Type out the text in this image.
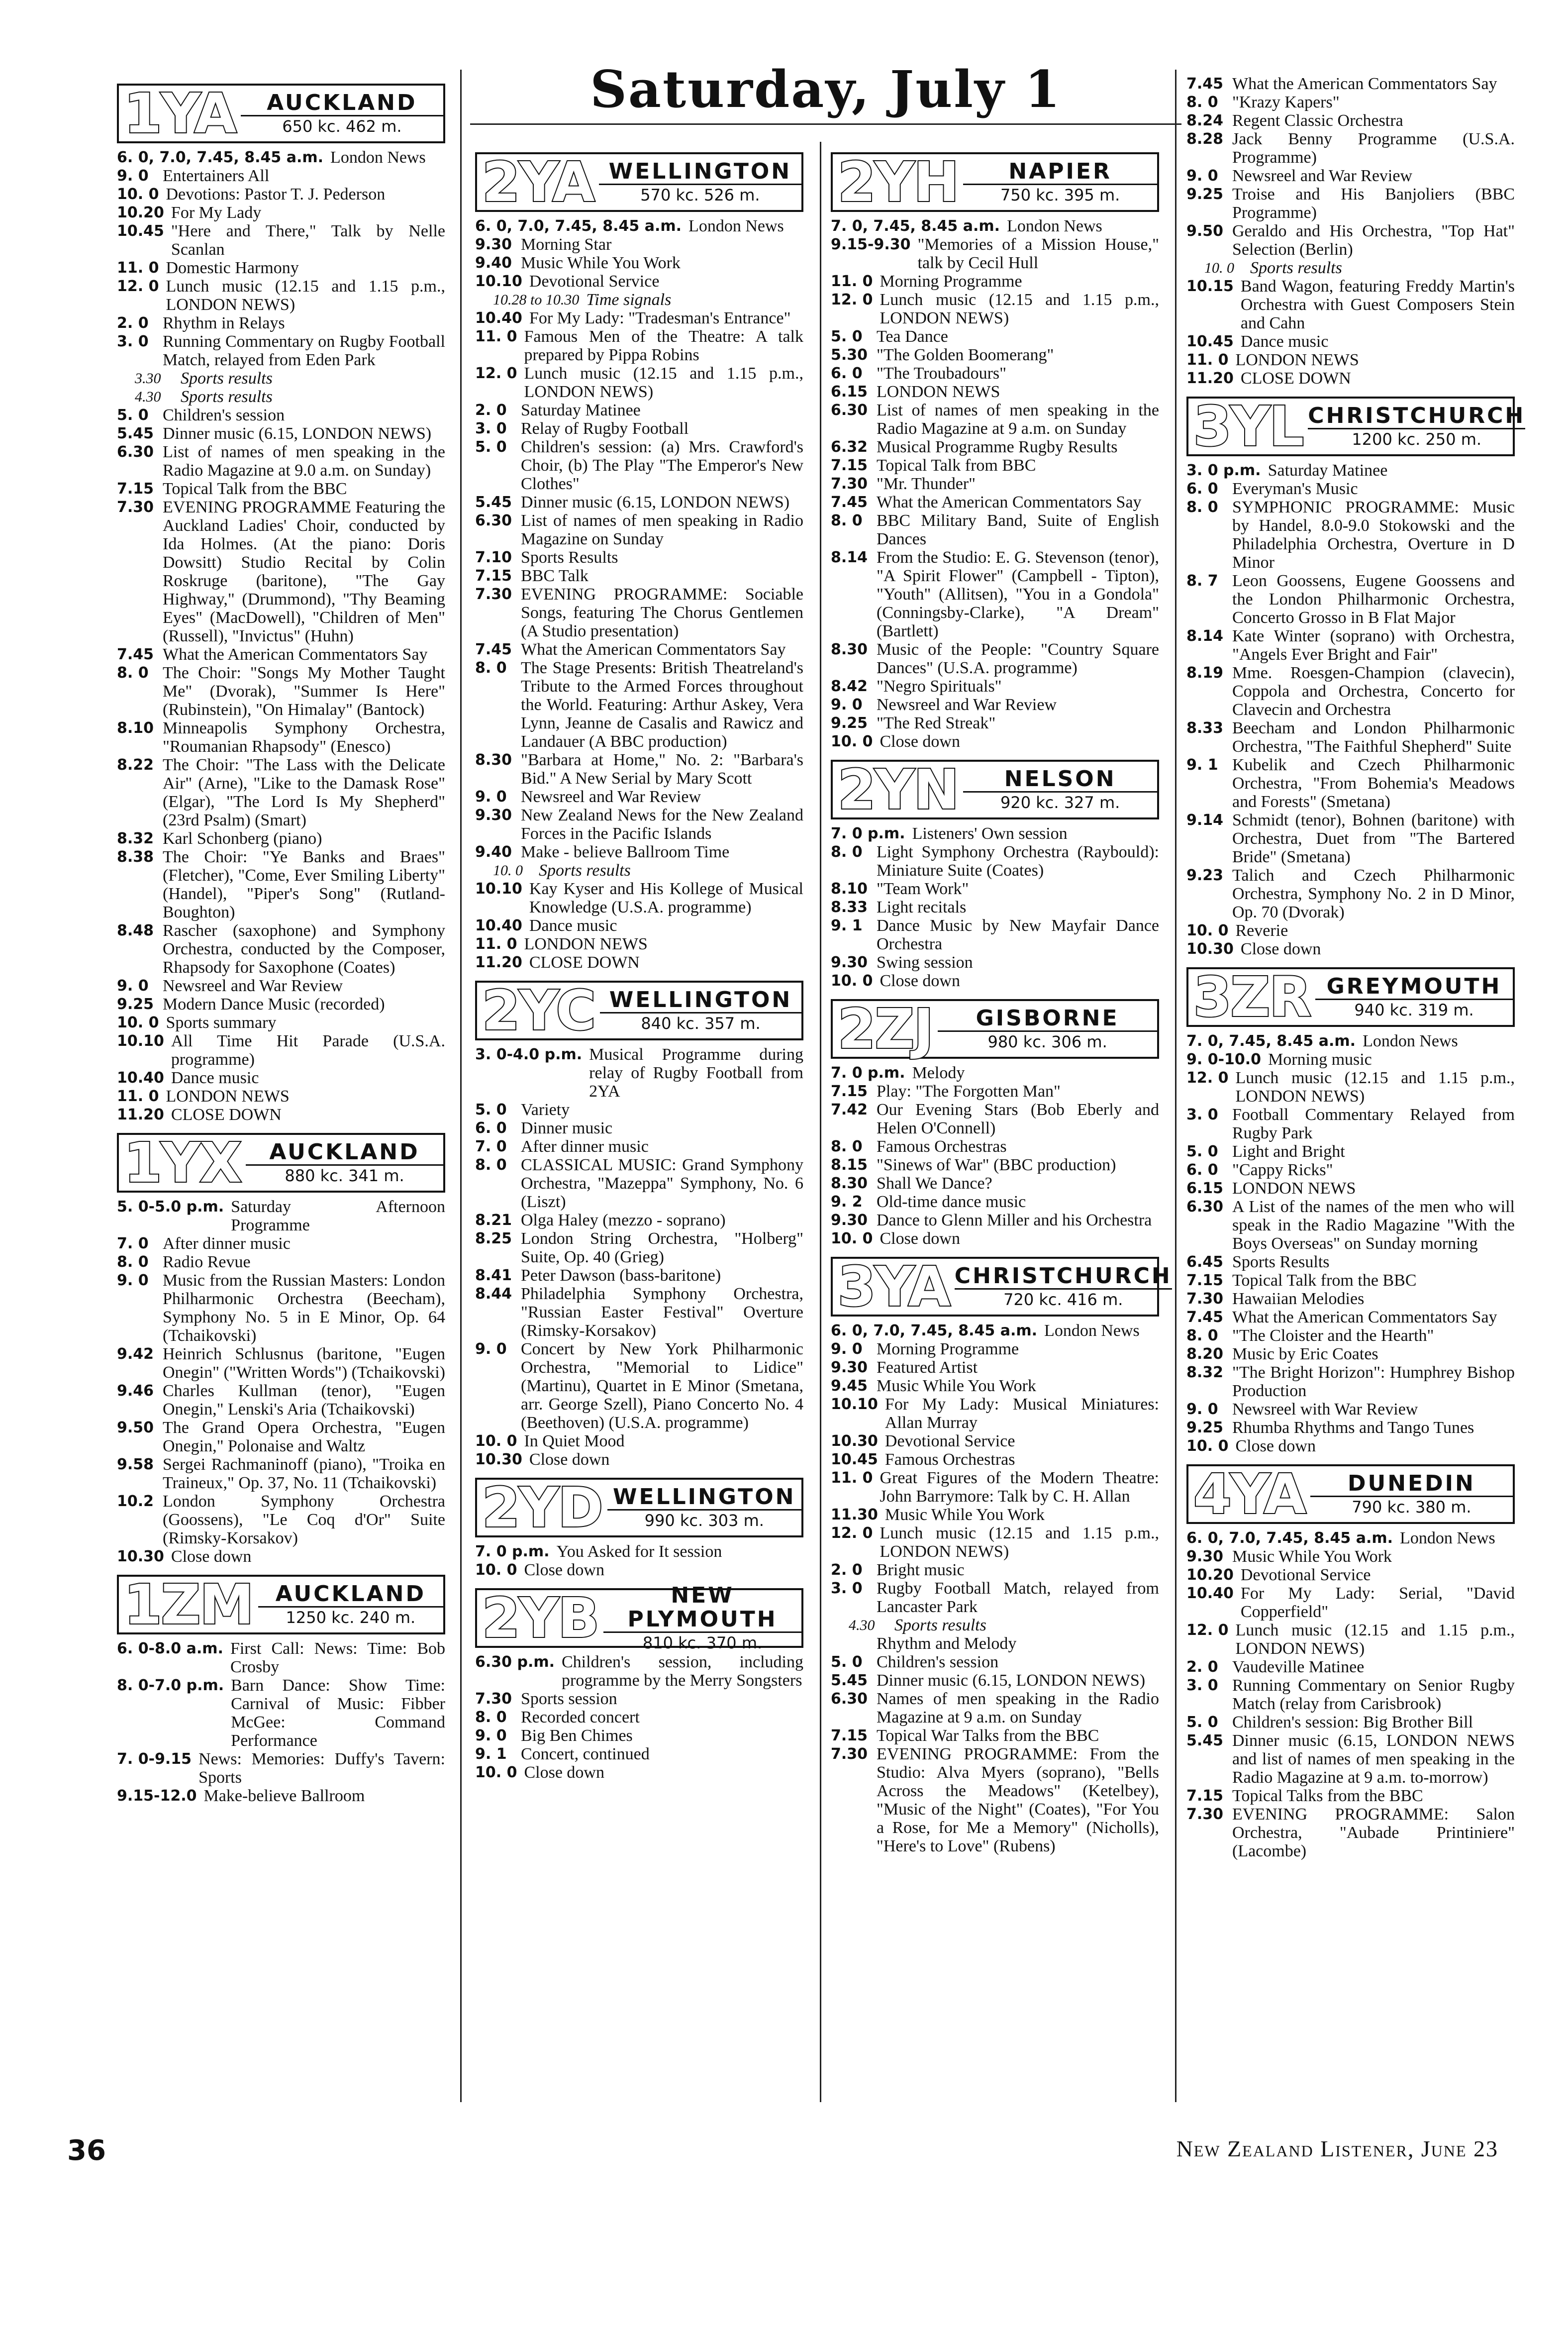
Saturday, July 1
1YA	AUCKLAND
650 kc. 462 m.
6. 0, 7.0, 7.45, 8.45 a.m. London News
9. 0 Entertainers All
10. 0 Devotions: Pastor T. J. Pederson
10.20 For My Lady
10.45 "Here and There," Talk by Nelle Scanlan
11. 0 Domestic Harmony
12. 0 Lunch music (12.15 and 1.15 p.m., LONDON NEWS)
2. 0 Rhythm in Relays
3. 0 Running Commentary on Rugby Football Match, relayed from Eden Park
3.30	Sports results
4.30	Sports results
5. 0 Children's session
5.45 Dinner music (6.15, LONDON NEWS)
6.30 List of names of men speaking in the Radio Magazine at 9.0 a.m. on Sunday)
7.15 Topical Talk from the BBC
7.30 EVENING PROGRAMME Featuring the Auckland Ladies' Choir, conducted by Ida Holmes. (At the piano: Doris Dowsitt) Studio Recital by Colin Roskruge (baritone), "The Gay Highway," (Drummond), "Thy Beaming Eyes" (MacDowell), "Children of Men" (Russell), "Invictus" (Huhn)
7.45 What the American Commentators Say
8. 0 The Choir: "Songs My Mother Taught Me" (Dvorak), "Summer Is Here" (Rubinstein), "On Himalay" (Bantock)
8.10 Minneapolis Symphony Orchestra, "Roumanian Rhapsody" (Enesco)
8.22 The Choir: "The Lass with the Delicate Air" (Arne), "Like to the Damask Rose" (Elgar), "The Lord Is My Shepherd" (23rd Psalm) (Smart)
8.32 Karl Schonberg (piano)
8.38 The Choir: "Ye Banks and Braes" (Fletcher), "Come, Ever Smiling Liberty" (Handel), "Piper's Song" (Rutland-Boughton)
8.48 Rascher (saxophone) and Symphony Orchestra, conducted by the Composer, Rhapsody for Saxophone (Coates)
9. 0 Newsreel and War Review
9.25 Modern Dance Music (recorded)
10. 0 Sports summary
10.10 All Time Hit Parade (U.S.A. programme)
10.40 Dance music
11. 0 LONDON NEWS
11.20 CLOSE DOWN
1YX	AUCKLAND
880 kc. 341 m.
5. 0-5.0 p.m. Saturday Afternoon Programme
7. 0 After dinner music
8. 0 Radio Revue
9. 0 Music from the Russian Masters: London Philharmonic Orchestra (Beecham), Symphony No. 5 in E Minor, Op. 64 (Tchaikovski)
9.42 Heinrich Schlusnus (baritone, "Eugen Onegin" ("Written Words") (Tchaikovski)
9.46 Charles Kullman (tenor), "Eugen Onegin," Lenski's Aria (Tchaikovski)
9.50 The Grand Opera Orchestra, "Eugen Onegin," Polonaise and Waltz
9.58 Sergei Rachmaninoff (piano), "Troika en Traineux," Op. 37, No. 11 (Tchaikovski)
10.2 London Symphony Orchestra (Goossens), "Le Coq d'Or" Suite (Rimsky-Korsakov)
10.30 Close down
1ZM	AUCKLAND
1250 kc. 240 m.
6. 0-8.0 a.m. First Call: News: Time: Bob Crosby
8. 0-7.0 p.m. Barn Dance: Show Time: Carnival of Music: Fibber McGee: Command Performance
7. 0-9.15 News: Memories: Duffy's Tavern: Sports
9.15-12.0 Make-believe Ballroom
2YA WELLINGTON
570 kc. 526 m.
6. 0, 7.0, 7.45, 8.45 a.m. London News
9.30 Morning Star
9.40 Music While You Work
10.10 Devotional Service
10.28 to 10.30 Time signals
10.40 For My Lady: "Tradesman's Entrance"
11. 0 Famous Men of the Theatre: A talk prepared by Pippa Robins
12. 0 Lunch music (12.15 and 1.15 p.m., LONDON NEWS)
2. 0 Saturday Matinee
3. 0 Relay of Rugby Football
5. 0 Children's session: (a) Mrs. Crawford's Choir, (b) The Play "The Emperor's New Clothes"
5.45 Dinner music (6.15, LONDON NEWS)
6.30 List of names of men speaking in Radio Magazine on Sunday
7.10 Sports Results
7.15 BBC Talk
7.30 EVENING PROGRAMME: Sociable Songs, featuring The Chorus Gentlemen (A Studio presentation)
7.45 What the American Commentators Say
8. 0 The Stage Presents: British Theatreland's Tribute to the Armed Forces throughout the World. Featuring: Arthur Askey, Vera Lynn, Jeanne de Casalis and Rawicz and Landauer (A BBC production)
8.30 "Barbara at Home," No. 2: "Barbara's Bid." A New Serial by Mary Scott
9. 0 Newsreel and War Review
9.30 New Zealand News for the New Zealand Forces in the Pacific Islands
9.40 Make - believe Ballroom Time
10. 0 Sports results
10.10 Kay Kyser and His Kollege of Musical Knowledge (U.S.A. programme)
10.40 Dance music
11. 0 LONDON NEWS
11.20 CLOSE DOWN
2YC WELLINGTON
840 kc. 357 m.
3. 0-4.0 p.m. Musical Programme during relay of Rugby Football from 2YA
5. 0 Variety
6. 0 Dinner music
7. 0 After dinner music
8. 0 CLASSICAL MUSIC: Grand Symphony Orchestra, "Mazeppa" Symphony, No. 6 (Liszt)
8.21 Olga Haley (mezzo - soprano)
8.25 London String Orchestra, "Holberg" Suite, Op. 40 (Grieg)
8.41 Peter Dawson (bass-baritone)
8.44 Philadelphia Symphony Orchestra, "Russian Easter Festival" Overture (Rimsky-Korsakov)
9. 0 Concert by New York Philharmonic Orchestra, "Memorial to Lidice" (Martinu), Quartet in E Minor (Smetana, arr. George Szell), Piano Concerto No. 4 (Beethoven) (U.S.A. programme)
10. 0 In Quiet Mood
10.30 Close down
2YD WELLINGTON
990 kc. 303 m.
7. 0 p.m. You Asked for It session
10. 0 Close down
2YB	NEW PLYMOUTH
810 kc. 370 m.
6.30 p.m. Children's session, including programme by the Merry Songsters
7.30 Sports session
8. 0 Recorded concert
9. 0 Big Ben Chimes
9. 1 Concert, continued
10. 0 Close down
2YH	NAPIER
750 kc. 395 m.
7. 0, 7.45, 8.45 a.m. London News
9.15-9.30 "Memories of a Mission House," talk by Cecil Hull
11. 0 Morning Programme
12. 0 Lunch music (12.15 and 1.15 p.m., LONDON NEWS)
5. 0 Tea Dance
5.30 "The Golden Boomerang"
6. 0 "The Troubadours"
6.15 LONDON NEWS
6.30 List of names of men speaking in the Radio Magazine at 9 a.m. on Sunday
6.32 Musical Programme Rugby Results
7.15 Topical Talk from BBC
7.30 "Mr. Thunder"
7.45 What the American Commentators Say
8. 0 BBC Military Band, Suite of English Dances
8.14 From the Studio: E. G. Stevenson (tenor), "A Spirit Flower" (Campbell - Tipton), "Youth" (Allitsen), "You in a Gondola" (Conningsby-Clarke), "A Dream" (Bartlett)
8.30 Music of the People: "Country Square Dances" (U.S.A. programme)
8.42 "Negro Spirituals"
9. 0 Newsreel and War Review
9.25 "The Red Streak"
10. 0 Close down
2YN	NELSON
920 kc. 327 m.
7. 0 p.m. Listeners' Own session
8. 0 Light Symphony Orchestra (Raybould): Miniature Suite (Coates)
8.10 "Team Work"
8.33 Light recitals
9. 1 Dance Music by New Mayfair Dance Orchestra
9.30 Swing session
10. 0 Close down
2ZJ	GISBORNE
980 kc. 306 m.
7. 0 p.m. Melody
7.15 Play: "The Forgotten Man"
7.42 Our Evening Stars (Bob Eberly and Helen O'Connell)
8. 0 Famous Orchestras
8.15 "Sinews of War" (BBC production)
8.30 Shall We Dance?
9. 2 Old-time dance music
9.30 Dance to Glenn Miller and his Orchestra
10. 0 Close down
3YA CHRISTCHURCH
720 kc. 416 m.
6. 0, 7.0, 7.45, 8.45 a.m. London News
9. 0 Morning Programme
9.30 Featured Artist
9.45 Music While You Work
10.10 For My Lady: Musical Miniatures: Allan Murray
10.30 Devotional Service
10.45 Famous Orchestras
11. 0 Great Figures of the Modern Theatre: John Barrymore: Talk by C. H. Allan
11.30 Music While You Work
12. 0 Lunch music (12.15 and 1.15 p.m., LONDON NEWS)
2. 0 Bright music
3. 0 Rugby Football Match, relayed from Lancaster Park
4.30	Sports results
Rhythm and Melody
5. 0 Children's session
5.45 Dinner music (6.15, LONDON NEWS)
6.30 Names of men speaking in the Radio Magazine at 9 a.m. on Sunday
7.15 Topical War Talks from the BBC
7.30 EVENING PROGRAMME: From the Studio: Alva Myers (soprano), "Bells Across the Meadows" (Ketelbey), "Music of the Night" (Coates), "For You a Rose, for Me a Memory" (Nicholls), "Here's to Love" (Rubens)
7.45 What the American Commentators Say
8. 0 "Krazy Kapers"
8.24 Regent Classic Orchestra
8.28 Jack Benny Programme (U.S.A. Programme)
9. 0 Newsreel and War Review
9.25 Troise and His Banjoliers (BBC Programme)
9.50 Geraldo and His Orchestra, "Top Hat" Selection (Berlin)
10. 0 Sports results
10.15 Band Wagon, featuring Freddy Martin's Orchestra with Guest Composers Stein and Cahn
10.45 Dance music
11. 0 LONDON NEWS
11.20 CLOSE DOWN
3YL CHRISTCHURCH
1200 kc. 250 m.
3. 0 p.m. Saturday Matinee
6. 0 Everyman's Music
8. 0 SYMPHONIC PROGRAMME: Music by Handel, 8.0-9.0 Stokowski and the Philadelphia Orchestra, Overture in D Minor
8. 7 Leon Goossens, Eugene Goossens and the London Philharmonic Orchestra, Concerto Grosso in B Flat Major
8.14 Kate Winter (soprano) with Orchestra, "Angels Ever Bright and Fair"
8.19 Mme. Roesgen-Champion (clavecin), Coppola and Orchestra, Concerto for Clavecin and Orchestra
8.33 Beecham and London Philharmonic Orchestra, "The Faithful Shepherd" Suite
9. 1 Kubelik and Czech Philharmonic Orchestra, "From Bohemia's Meadows and Forests" (Smetana)
9.14 Schmidt (tenor), Bohnen (baritone) with Orchestra, Duet from "The Bartered Bride" (Smetana)
9.23 Talich and Czech Philharmonic Orchestra, Symphony No. 2 in D Minor, Op. 70 (Dvorak)
10. 0 Reverie
10.30 Close down
3ZR GREYMOUTH
940 kc. 319 m.
7. 0, 7.45, 8.45 a.m. London News
9. 0-10.0 Morning music
12. 0 Lunch music (12.15 and 1.15 p.m., LONDON NEWS)
3. 0 Football Commentary Relayed from Rugby Park
5. 0 Light and Bright
6. 0 "Cappy Ricks"
6.15 LONDON NEWS
6.30 A List of the names of the men who will speak in the Radio Magazine "With the Boys Overseas" on Sunday morning
6.45 Sports Results
7.15 Topical Talk from the BBC
7.30 Hawaiian Melodies
7.45 What the American Commentators Say
8. 0 "The Cloister and the Hearth"
8.20 Music by Eric Coates
8.32 "The Bright Horizon": Humphrey Bishop Production
9. 0 Newsreel with War Review
9.25 Rhumba Rhythms and Tango Tunes
10. 0 Close down
4YA	DUNEDIN
790 kc. 380 m.
6. 0, 7.0, 7.45, 8.45 a.m. London News
9.30 Music While You Work
10.20 Devotional Service
10.40 For My Lady: Serial, "David Copperfield"
12. 0 Lunch music (12.15 and 1.15 p.m., LONDON NEWS)
2. 0 Vaudeville Matinee
3. 0 Running Commentary on Senior Rugby Match (relay from Carisbrook)
5. 0 Children's session: Big Brother Bill
5.45 Dinner music (6.15, LONDON NEWS and list of names of men speaking in the Radio Magazine at 9 a.m. to-morrow)
7.15 Topical Talks from the BBC
7.30 EVENING PROGRAMME: Salon Orchestra, "Aubade Printiniere" (Lacombe)
36	New Zealand Listener, June 23
